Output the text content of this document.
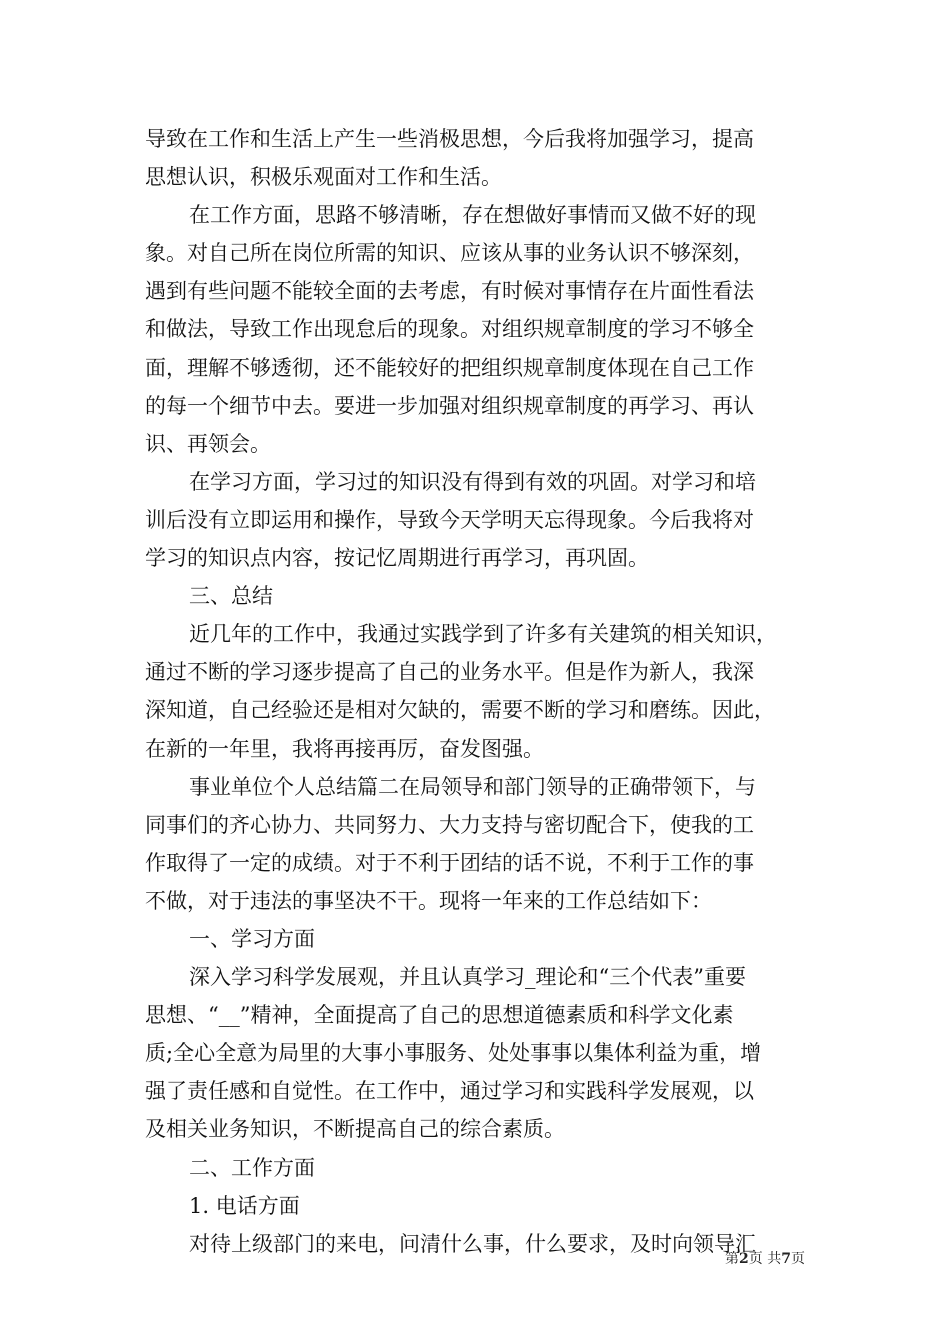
导致在工作和生活上产生一些消极思想，今后我将加强学习，提高
思想认识，积极乐观面对工作和生活。
在工作方面，思路不够清晰，存在想做好事情而又做不好的现
象。对自己所在岗位所需的知识、应该从事的业务认识不够深刻，
遇到有些问题不能较全面的去考虑，有时候对事情存在片面性看法
和做法，导致工作出现怠后的现象。对组织规章制度的学习不够全
面，理解不够透彻，还不能较好的把组织规章制度体现在自己工作
的每一个细节中去。要进一步加强对组织规章制度的再学习、再认
识、再领会。
在学习方面，学习过的知识没有得到有效的巩固。对学习和培
训后没有立即运用和操作，导致今天学明天忘得现象。今后我将对
学习的知识点内容，按记忆周期进行再学习，再巩固。
三、总结
近几年的工作中，我通过实践学到了许多有关建筑的相关知识，
通过不断的学习逐步提高了自己的业务水平。但是作为新人，我深
深知道，自己经验还是相对欠缺的，需要不断的学习和磨练。因此，
在新的一年里，我将再接再厉，奋发图强。
事业单位个人总结篇二在局领导和部门领导的正确带领下，与
同事们的齐心协力、共同努力、大力支持与密切配合下，使我的工
作取得了一定的成绩。对于不利于团结的话不说，不利于工作的事
不做，对于违法的事坚决不干。现将一年来的工作总结如下：
一、学习方面
深入学习科学发展观，并且认真学习_理论和“三个代表”重要
思想、“__”精神，全面提高了自己的思想道德素质和科学文化素
质;全心全意为局里的大事小事服务、处处事事以集体利益为重，增
强了责任感和自觉性。在工作中，通过学习和实践科学发展观，以
及相关业务知识，不断提高自己的综合素质。
二、工作方面
1. 电话方面
对待上级部门的来电，问清什么事，什么要求，及时向领导汇
第2页 共7页
